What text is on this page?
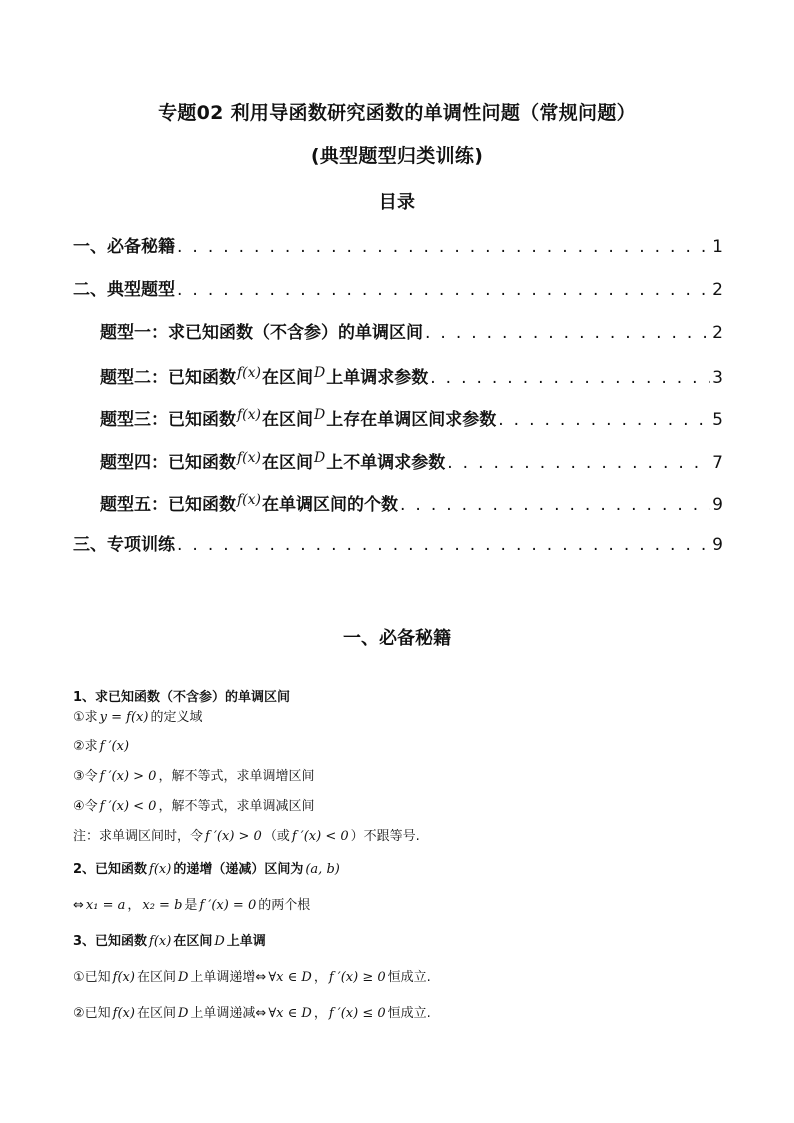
专题02 利用导函数研究函数的单调性问题（常规问题）
(典型题型归类训练)
目录
一、必备秘籍 . . .	1
二、典型题型 . . .	2
题型一：求已知函数（不含参）的单调区间 . . .	2
题型二：已知函数 f(x) 在区间 D 上单调求参数 . . .	3
题型三：已知函数 f(x) 在区间 D 上存在单调区间求参数 . . .	5
题型四：已知函数 f(x) 在区间 D 上不单调求参数 . . .	7
题型五：已知函数 f(x) 在单调区间的个数 . . .	9
三、专项训练 . . .	9
一、必备秘籍
1、求已知函数（不含参）的单调区间
①求 y = f(x) 的定义域
②求 f ′(x)
③令 f ′(x) > 0 ，解不等式，求单调增区间
④令 f ′(x) < 0 ，解不等式，求单调减区间
注：求单调区间时，令 f ′(x) > 0 （或 f ′(x) < 0 ）不跟等号.
2、已知函数 f(x) 的递增（递减）区间为 (a, b)
⇔ x₁ = a ， x₂ = b 是 f ′(x) = 0 的两个根
3、已知函数 f(x) 在区间 D 上单调
①已知 f(x) 在区间 D 上单调递增⇔ ∀x ∈ D ， f ′(x) ≥ 0 恒成立.
②已知 f(x) 在区间 D 上单调递减⇔ ∀x ∈ D ， f ′(x) ≤ 0 恒成立.
